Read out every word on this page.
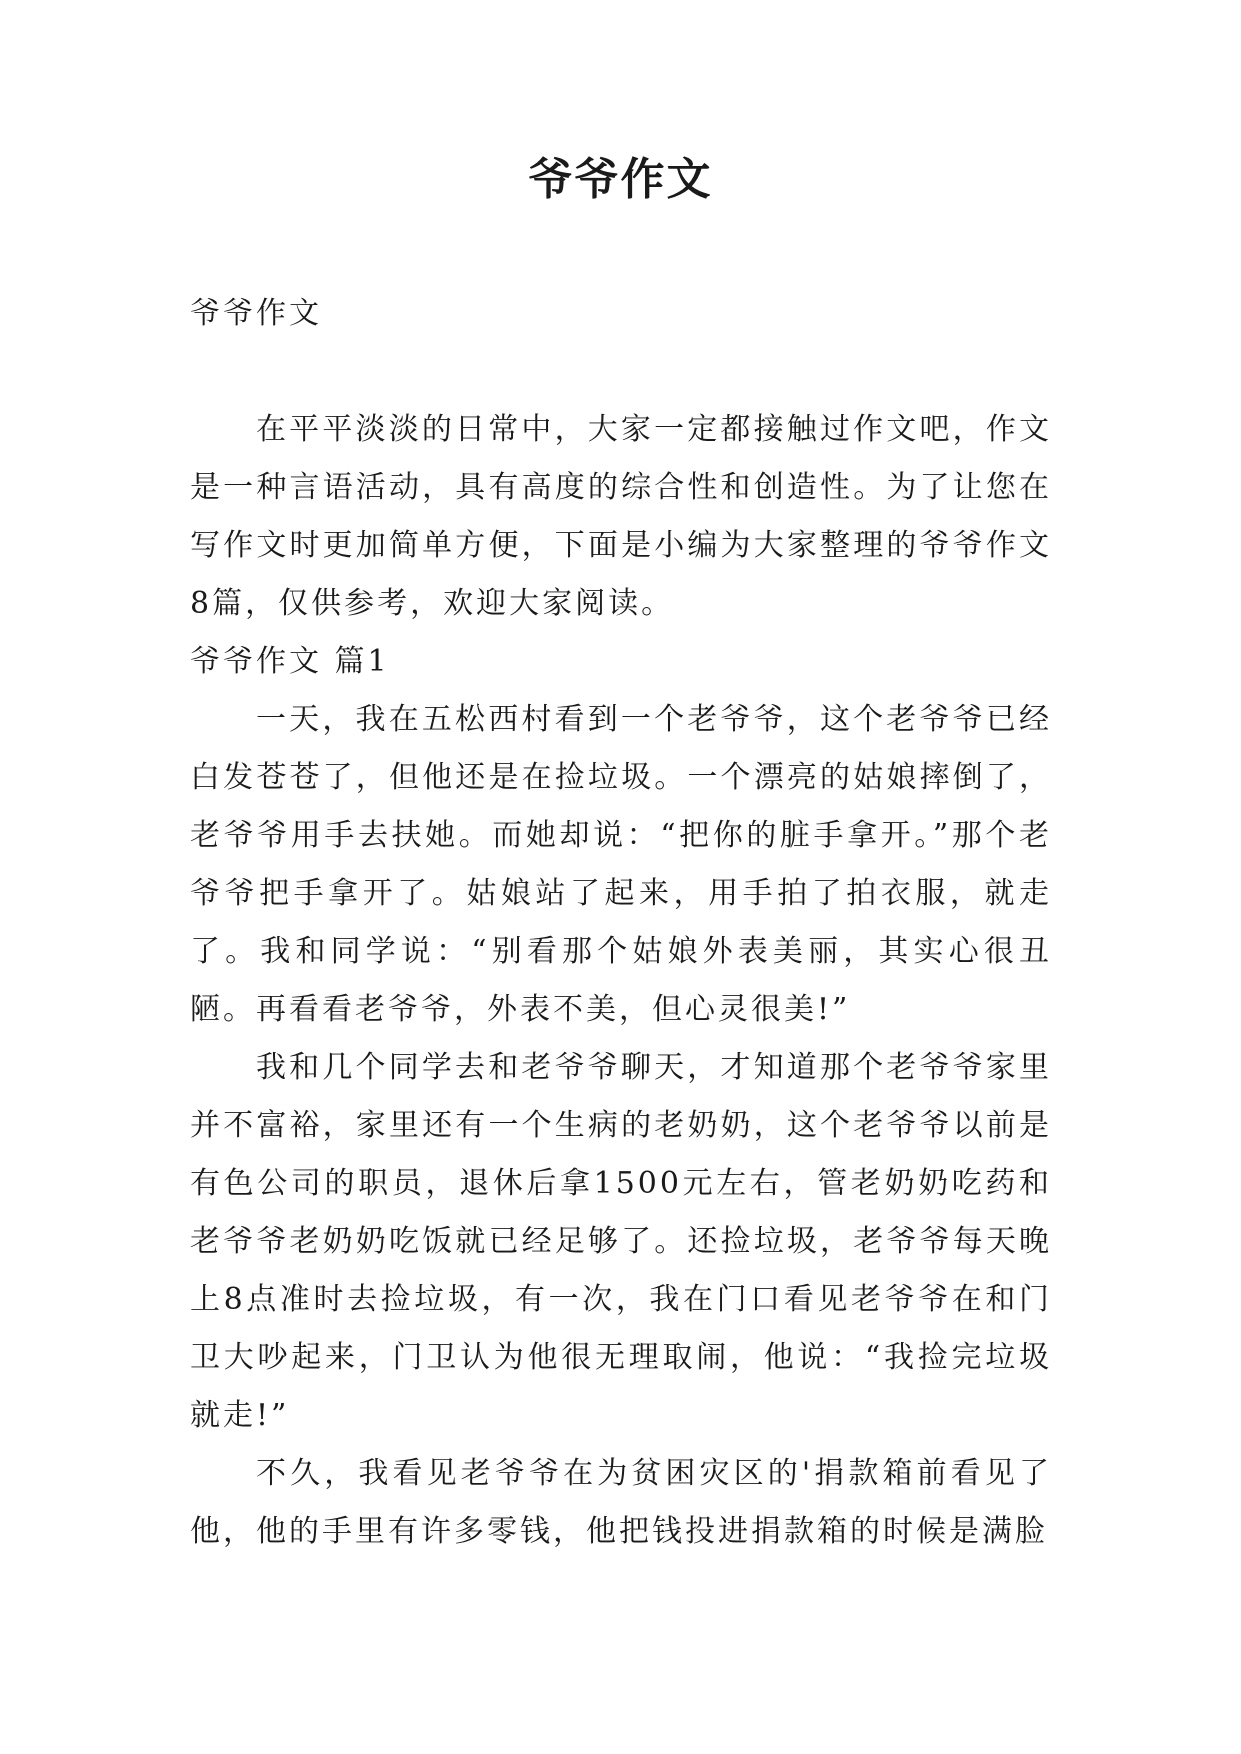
爷爷作文

爷爷作文

在平平淡淡的日常中，大家一定都接触过作文吧，作文是一种言语活动，具有高度的综合性和创造性。为了让您在写作文时更加简单方便，下面是小编为大家整理的爷爷作文8篇，仅供参考，欢迎大家阅读。

爷爷作文 篇1

一天，我在五松西村看到一个老爷爷，这个老爷爷已经白发苍苍了，但他还是在捡垃圾。一个漂亮的姑娘摔倒了，老爷爷用手去扶她。而她却说：“把你的脏手拿开。”那个老爷爷把手拿开了。姑娘站了起来，用手拍了拍衣服，就走了。我和同学说：“别看那个姑娘外表美丽，其实心很丑陋。再看看老爷爷，外表不美，但心灵很美!”

我和几个同学去和老爷爷聊天，才知道那个老爷爷家里并不富裕，家里还有一个生病的老奶奶，这个老爷爷以前是有色公司的职员，退休后拿1500元左右，管老奶奶吃药和老爷爷老奶奶吃饭就已经足够了。还捡垃圾，老爷爷每天晚上8点准时去捡垃圾，有一次，我在门口看见老爷爷在和门卫大吵起来，门卫认为他很无理取闹，他说：“我捡完垃圾就走!”

不久，我看见老爷爷在为贫困灾区的'捐款箱前看见了他，他的手里有许多零钱，他把钱投进捐款箱的时候是满脸
